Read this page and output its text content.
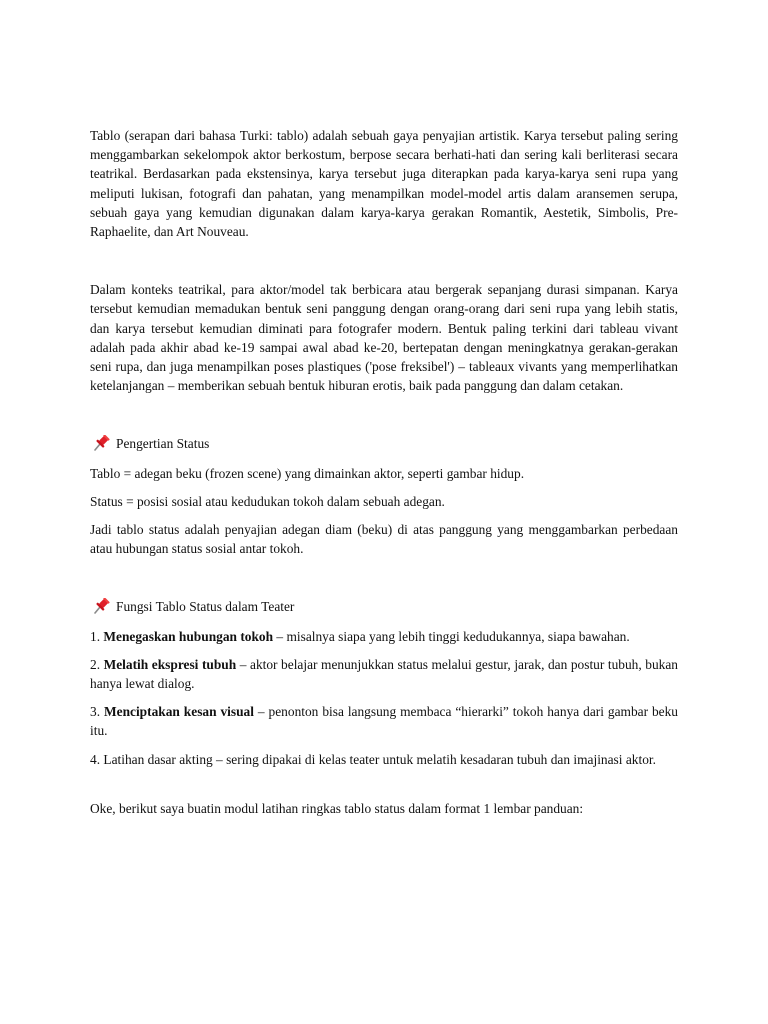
Tablo (serapan dari bahasa Turki: tablo) adalah sebuah gaya penyajian artistik. Karya tersebut paling sering menggambarkan sekelompok aktor berkostum, berpose secara berhati-hati dan sering kali berliterasi secara teatrikal. Berdasarkan pada ekstensinya, karya tersebut juga diterapkan pada karya-karya seni rupa yang meliputi lukisan, fotografi dan pahatan, yang menampilkan model-model artis dalam aransemen serupa, sebuah gaya yang kemudian digunakan dalam karya-karya gerakan Romantik, Aestetik, Simbolis, Pre-Raphaelite, dan Art Nouveau.

Dalam konteks teatrikal, para aktor/model tak berbicara atau bergerak sepanjang durasi simpanan. Karya tersebut kemudian memadukan bentuk seni panggung dengan orang-orang dari seni rupa yang lebih statis, dan karya tersebut kemudian diminati para fotografer modern. Bentuk paling terkini dari tableau vivant adalah pada akhir abad ke-19 sampai awal abad ke-20, bertepatan dengan meningkatnya gerakan-gerakan seni rupa, dan juga menampilkan poses plastiques ('pose freksibel') – tableaux vivants yang memperlihatkan ketelanjangan – memberikan sebuah bentuk hiburan erotis, baik pada panggung dan dalam cetakan.

Pengertian Status

Tablo = adegan beku (frozen scene) yang dimainkan aktor, seperti gambar hidup.

Status = posisi sosial atau kedudukan tokoh dalam sebuah adegan.

Jadi tablo status adalah penyajian adegan diam (beku) di atas panggung yang menggambarkan perbedaan atau hubungan status sosial antar tokoh.

Fungsi Tablo Status dalam Teater

1. Menegaskan hubungan tokoh – misalnya siapa yang lebih tinggi kedudukannya, siapa bawahan.

2. Melatih ekspresi tubuh – aktor belajar menunjukkan status melalui gestur, jarak, dan postur tubuh, bukan hanya lewat dialog.

3. Menciptakan kesan visual – penonton bisa langsung membaca “hierarki” tokoh hanya dari gambar beku itu.

4. Latihan dasar akting – sering dipakai di kelas teater untuk melatih kesadaran tubuh dan imajinasi aktor.

Oke, berikut saya buatin modul latihan ringkas tablo status dalam format 1 lembar panduan:
